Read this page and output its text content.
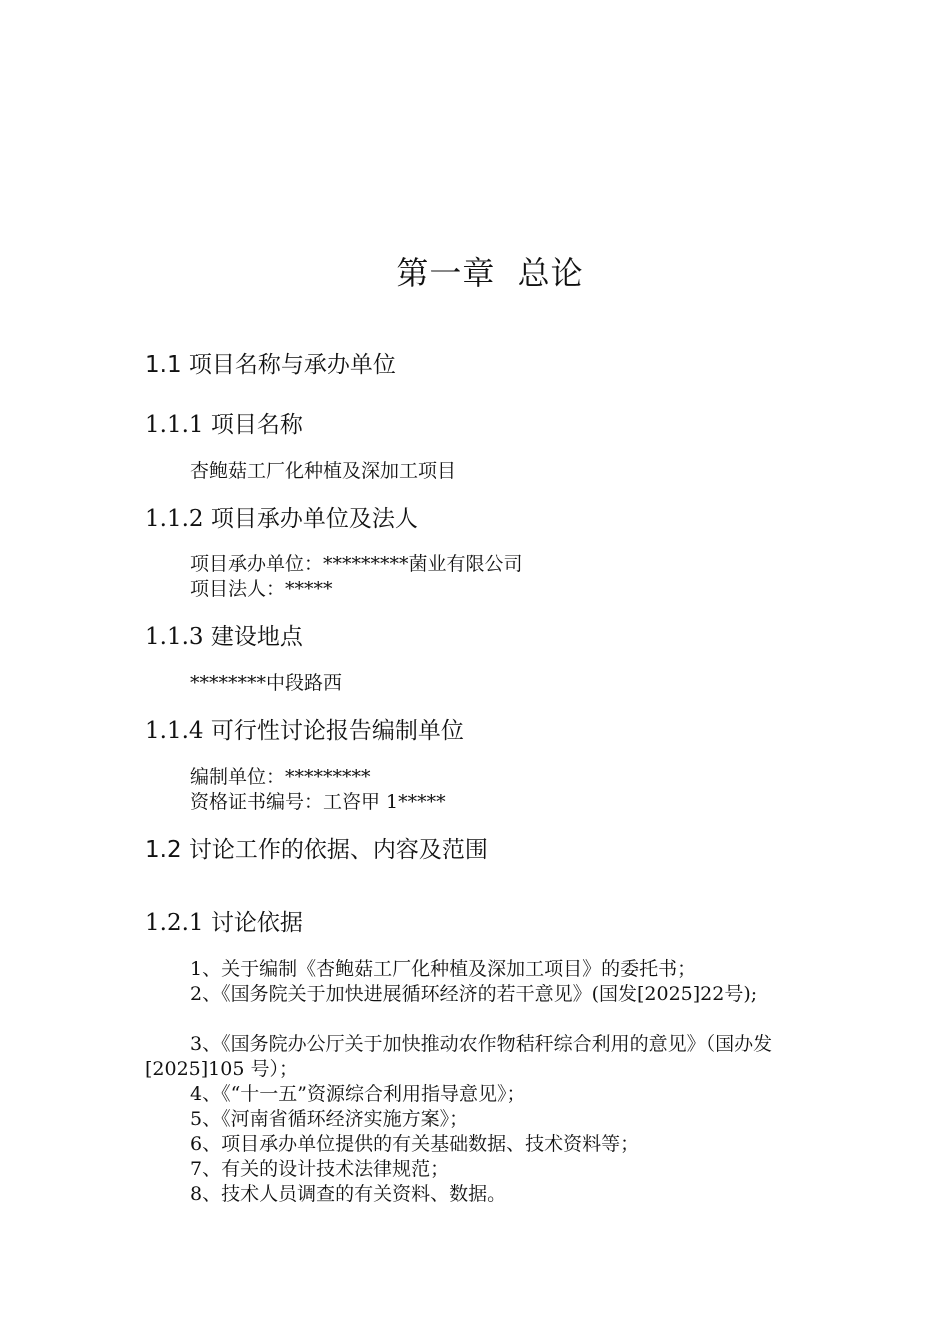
第一章  总论
1.1 项目名称与承办单位
1.1.1 项目名称
杏鲍菇工厂化种植及深加工项目
1.1.2 项目承办单位及法人
项目承办单位：*********菌业有限公司
项目法人：*****
1.1.3 建设地点
********中段路西
1.1.4 可行性讨论报告编制单位
编制单位：*********
资格证书编号：工咨甲 1*****
1.2 讨论工作的依据、内容及范围
1.2.1 讨论依据
1、关于编制《杏鲍菇工厂化种植及深加工项目》的委托书；
2、《国务院关于加快进展循环经济的若干意见》(国发[2025]22号);
3、《国务院办公厅关于加快推动农作物秸秆综合利用的意见》（国办发[2025]105 号）；
4、《“十一五”资源综合利用指导意见》；
5、《河南省循环经济实施方案》；
6、项目承办单位提供的有关基础数据、技术资料等；
7、有关的设计技术法律规范；
8、技术人员调查的有关资料、数据。
